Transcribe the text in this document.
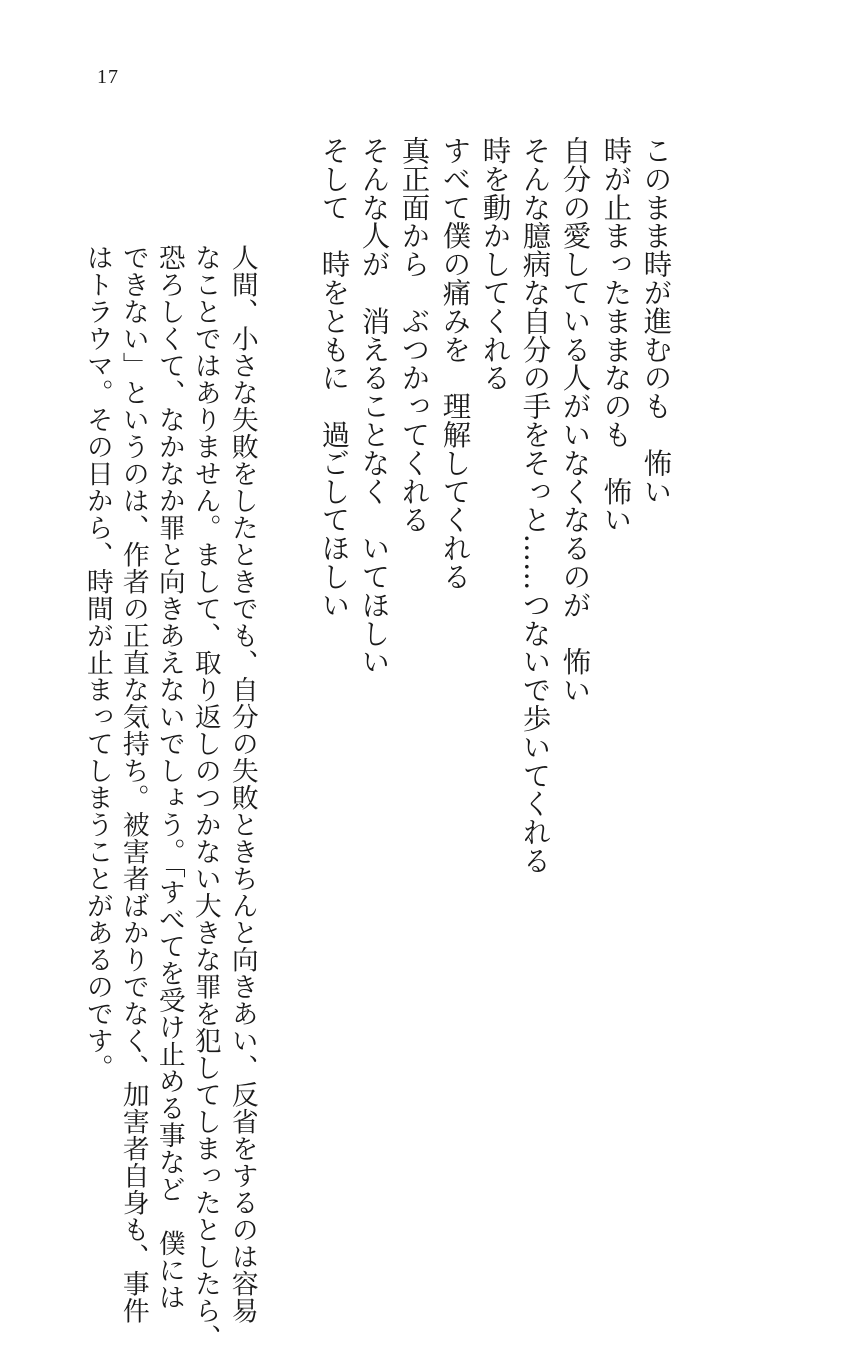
17
このまま時が進むのも　怖い
時が止まったままなのも　怖い
自分の愛している人がいなくなるのが　怖い
そんな臆病な自分の手をそっと……つないで歩いてくれる
時を動かしてくれる
すべて僕の痛みを　理解してくれる
真正面から　ぶつかってくれる
そんな人が　消えることなく　いてほしい
そして　時をともに　過ごしてほしい
人間、小さな失敗をしたときでも、自分の失敗ときちんと向きあい、反省をするのは容易
なことではありません。まして、取り返しのつかない大きな罪を犯してしまったとしたら、
恐ろしくて、なかなか罪と向きあえないでしょう。「すべてを受け止める事など　僕には
できない」というのは、作者の正直な気持ち。被害者ばかりでなく、加害者自身も、事件
はトラウマ。その日から、時間が止まってしまうことがあるのです。
